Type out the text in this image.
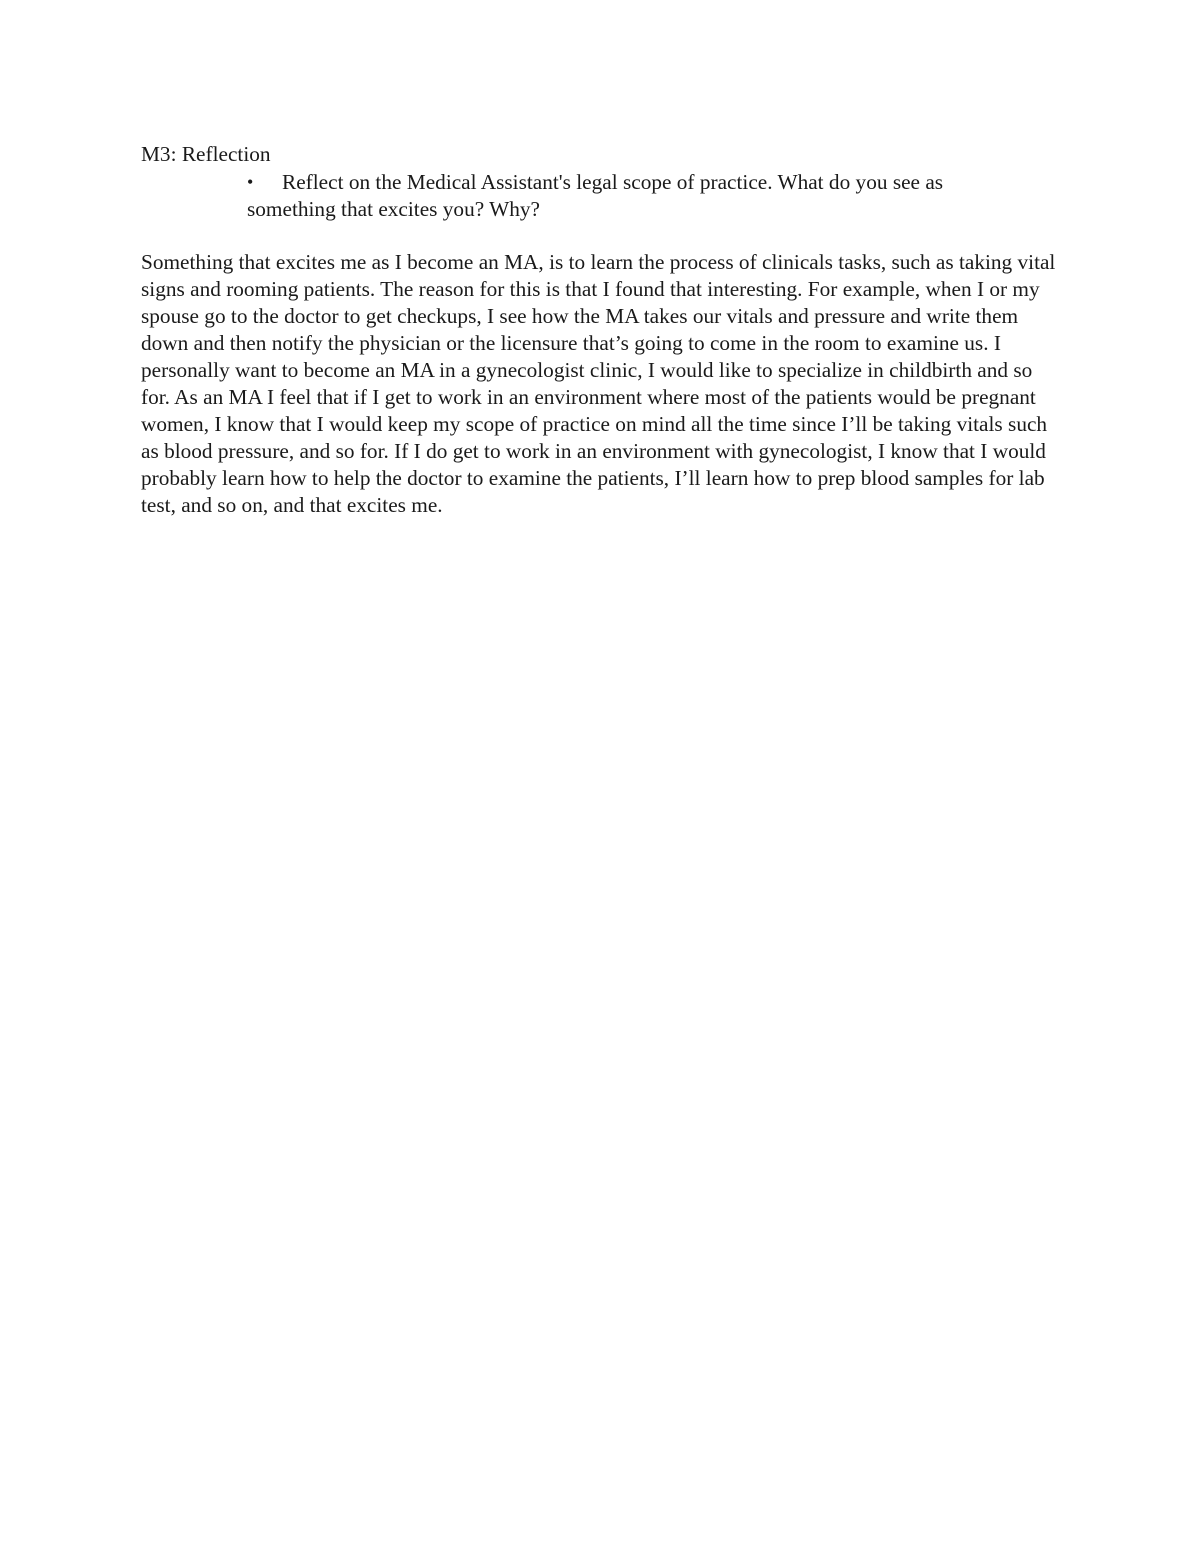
M3: Reflection
• Reflect on the Medical Assistant's legal scope of practice. What do you see as something that excites you? Why?

Something that excites me as I become an MA, is to learn the process of clinicals tasks, such as taking vital signs and rooming patients. The reason for this is that I found that interesting. For example, when I or my spouse go to the doctor to get checkups, I see how the MA takes our vitals and pressure and write them down and then notify the physician or the licensure that’s going to come in the room to examine us. I personally want to become an MA in a gynecologist clinic, I would like to specialize in childbirth and so for. As an MA I feel that if I get to work in an environment where most of the patients would be pregnant women, I know that I would keep my scope of practice on mind all the time since I’ll be taking vitals such as blood pressure, and so for. If I do get to work in an environment with gynecologist, I know that I would probably learn how to help the doctor to examine the patients, I’ll learn how to prep blood samples for lab test, and so on, and that excites me.
